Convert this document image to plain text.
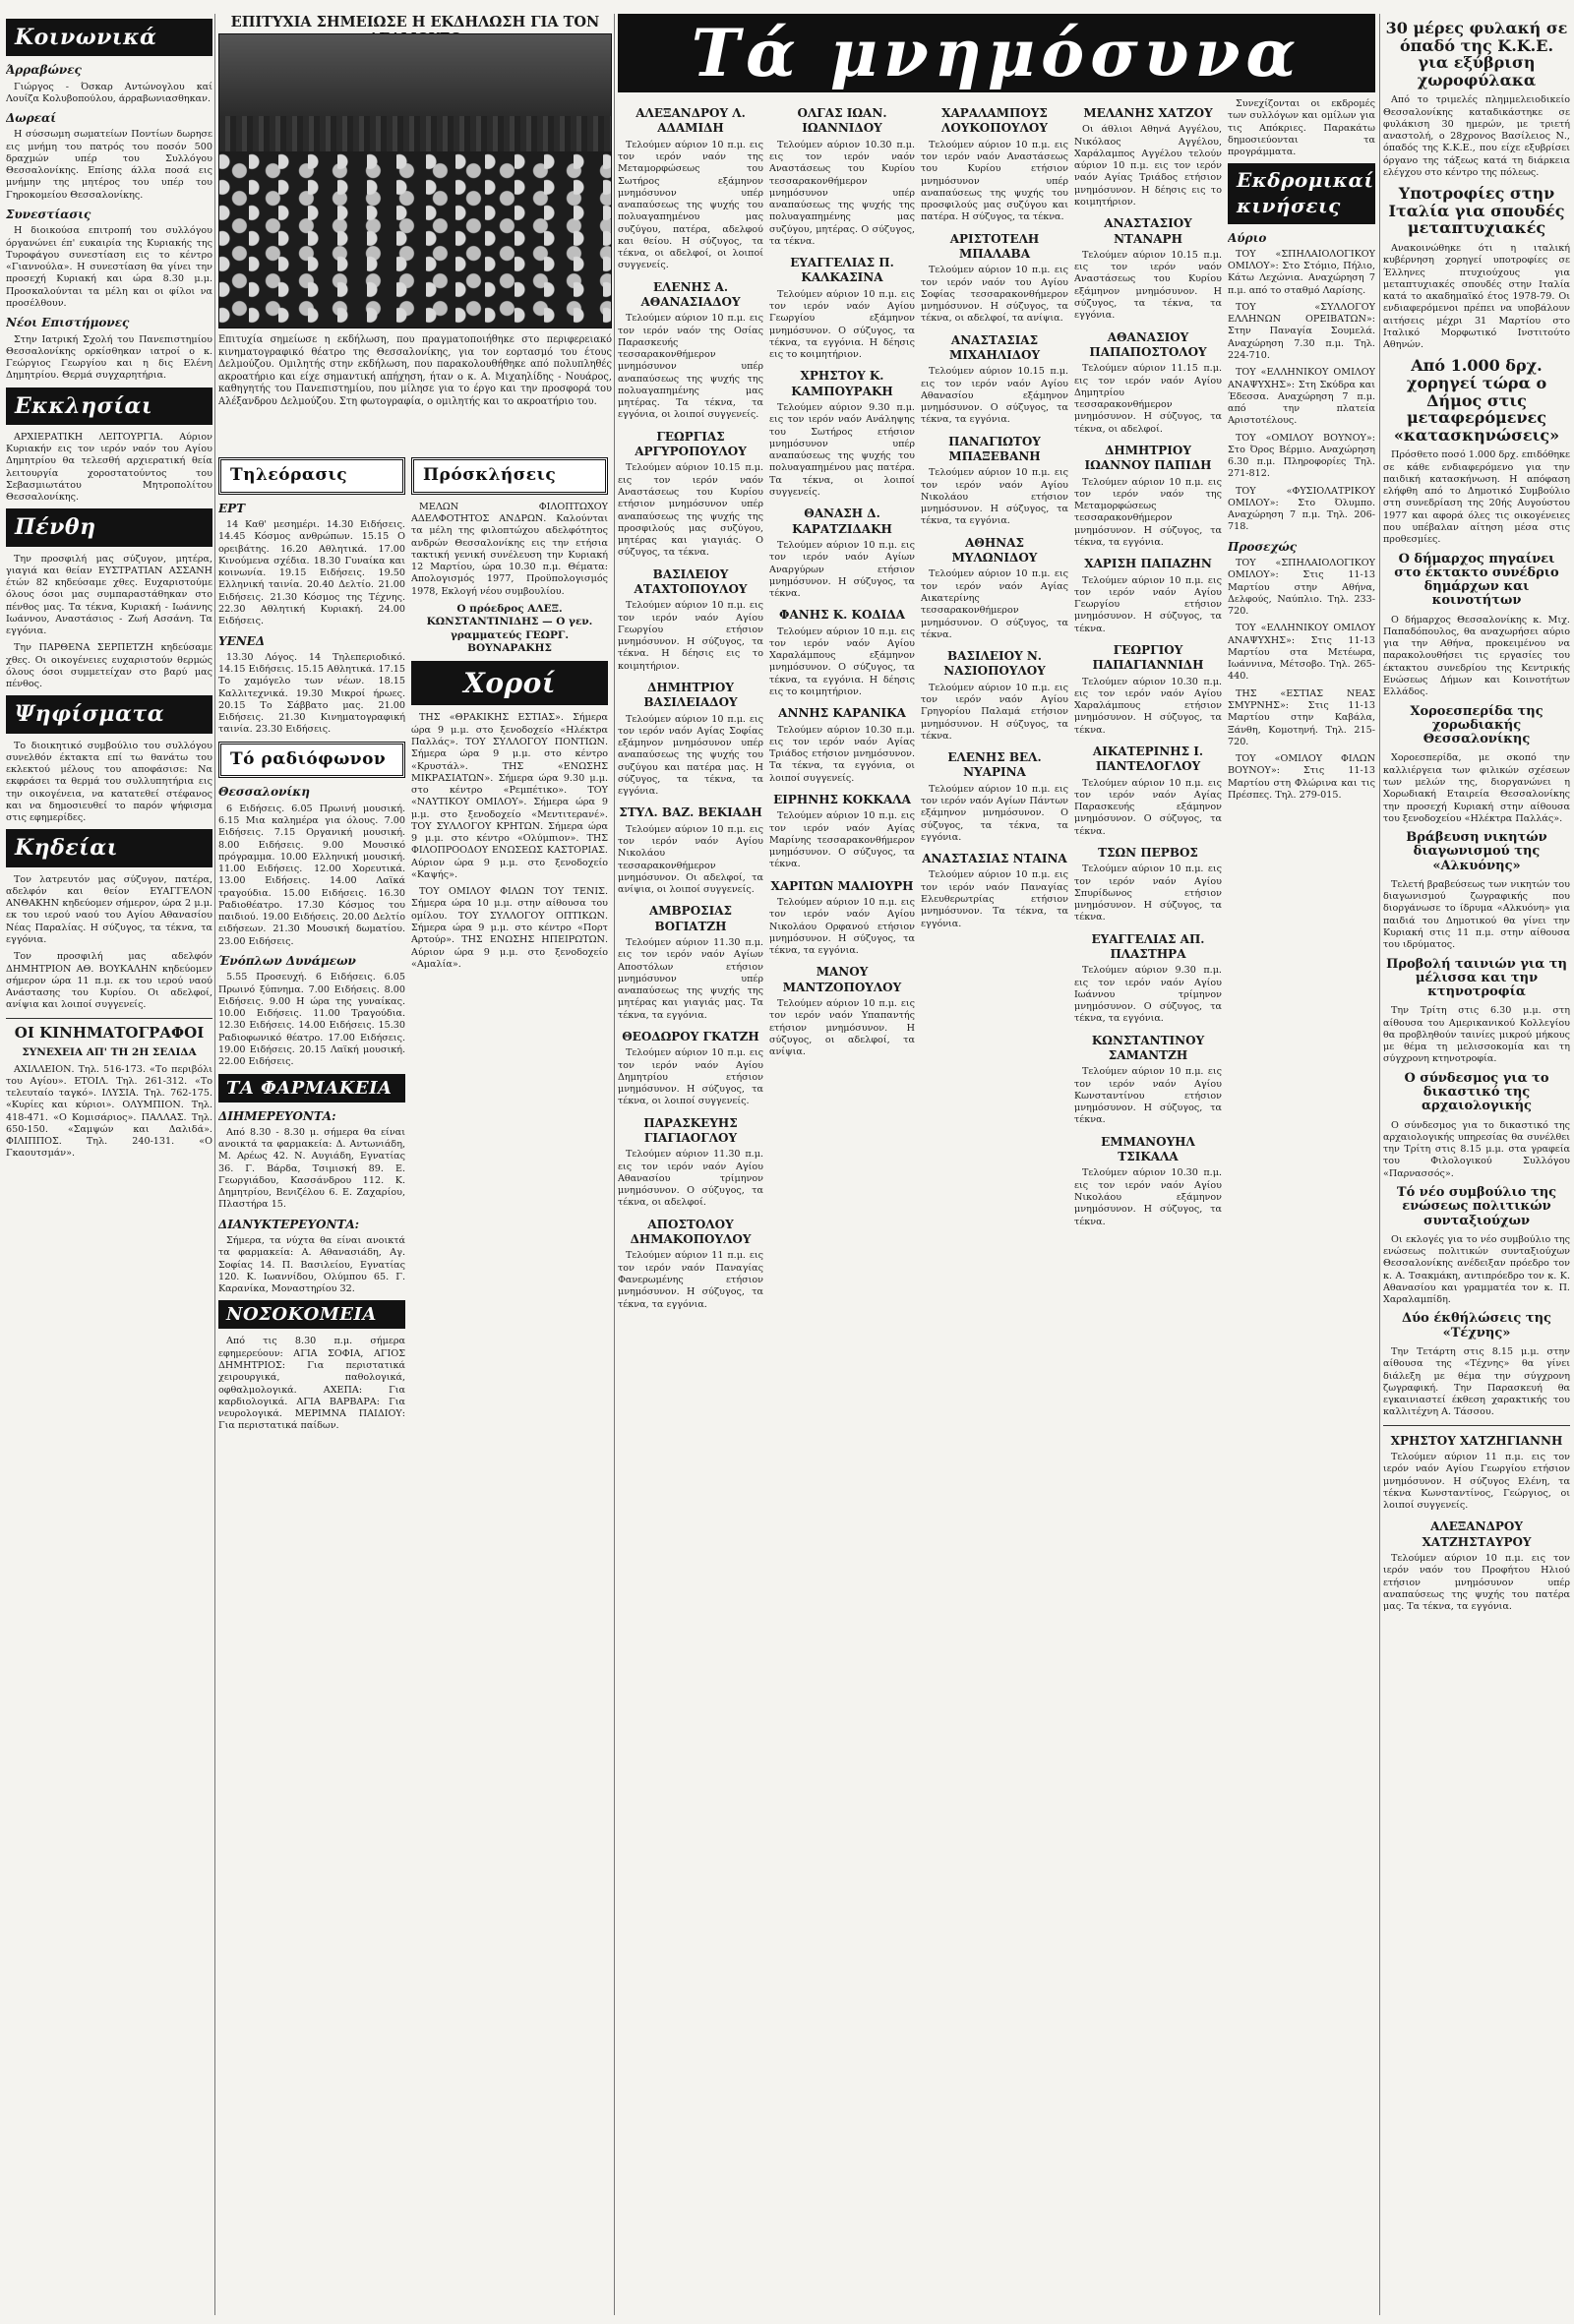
Κοινωνικά
Άρραβώνες

Γιώργος - Όσκαρ Αντώνογλου καί Λουίζα Κολυβοπούλου, άρραβωνιασθηκαν.

Δωρεαί

Η σύσσωμη σωματείων Ποντίων δωρησε εις μνήμη του πατρός του ποσόν 500 δραχμών υπέρ του Συλλόγου Θεσσαλονίκης. Επίσης άλλα ποσά εις μνήμην της μητέρος του υπέρ του Γηροκομείου Θεσσαλονίκης.

Συνεστίασις

Η διοικούσα επιτροπή του συλλόγου όργανώνει έπ' ευκαιρία της Κυριακής της Τυροφάγου συνεστίαση εις το κέντρο «Γιαννούλα». Η συνεστίαση θα γίνει την προσεχή Κυριακή και ώρα 8.30 μ.μ. Προσκαλούνται τα μέλη και οι φίλοι να προσέλθουν.

Νέοι Επιστήμονες

Στην Ιατρική Σχολή του Πανεπιστημίου Θεσσαλονίκης ορκίσθηκαν ιατροί ο κ. Γεώργιος Γεωργίου και η δις Ελένη Δημητρίου. Θερμά συγχαρητήρια.

Εκκλησίαι

ΑΡΧΙΕΡΑΤΙΚΗ ΛΕΙΤΟΥΡΓΙΑ. Αύριον Κυριακήν εις τον ιερόν ναόν του Αγίου Δημητρίου θα τελεσθή αρχιερατική θεία λειτουργία χοροστατούντος του Σεβασμιωτάτου Μητροπολίτου Θεσσαλονίκης.

Πένθη

Την προσφιλή μας σύζυγον, μητέρα, γιαγιά και θείαν ΕΥΣΤΡΑΤΙΑΝ ΑΣΣΑΝΗ έτών 82 κηδεύσαμε χθες. Ευχαριστούμε όλους όσοι μας συμπαραστάθηκαν στο πένθος μας. Τα τέκνα, Κυριακή - Ιωάννης Ιωάννου, Αναστάσιος - Ζωή Ασσάνη. Τα εγγόνια.

Την ΠΑΡΘΕΝΑ ΣΕΡΠΕΤΖΗ κηδεύσαμε χθες. Οι οικογένειες ευχαριστούν θερμώς όλους όσοι συμμετείχαν στο βαρύ μας πένθος.

Ψηφίσματα

Το διοικητικό συμβούλιο του συλλόγου συνελθόν έκτακτα επί τω θανάτω του εκλεκτού μέλους του αποφάσισε: Να εκφράσει τα θερμά του συλλυπητήρια εις την οικογένεια, να κατατεθεί στέφανος και να δημοσιευθεί το παρόν ψήφισμα στις εφημερίδες.

Κηδείαι

Τον λατρευτόν μας σύζυγον, πατέρα, αδελφόν και θείον ΕΥΑΓΓΕΛΟΝ ΑΝΘΑΚΗΝ κηδεύομεν σήμερον, ώρα 2 μ.μ. εκ του ιερού ναού του Αγίου Αθανασίου Νέας Παραλίας. Η σύζυγος, τα τέκνα, τα εγγόνια.

Τον προσφιλή μας αδελφόν ΔΗΜΗΤΡΙΟΝ ΑΘ. ΒΟΥΚΑΛΗΝ κηδεύομεν σήμερον ώρα 11 π.μ. εκ του ιερού ναού Ανάστασης του Κυρίου. Οι αδελφοί, ανίψια και λοιποί συγγενείς.

ΟΙ ΚΙΝΗΜΑΤΟΓΡΑΦΟΙ
ΣΥΝΕΧΕΙΑ ΑΠ' ΤΗ 2Η ΣΕΛΙΔΑ

ΑΧΙΛΛΕΙΟΝ. Τηλ. 516-173. «Το περιβόλι του Αγίου». ΕΤΟΙΛ. Τηλ. 261-312. «Το τελευταίο ταγκό». ΙΛΥΣΙΑ. Τηλ. 762-175. «Κυρίες και κύριοι». ΟΛΥΜΠΙΟΝ. Τηλ. 418-471. «Ο Κομισάριος». ΠΑΛΛΑΣ. Τηλ. 650-150. «Σαμψών και Δαλιδά». ΦΙΛΙΠΠΟΣ. Τηλ. 240-131. «Ο Γκαουτσμάν».

ΕΠΙΤΥΧΙΑ ΣΗΜΕΙΩΣΕ Η ΕΚΔΗΛΩΣΗ ΓΙΑ ΤΟΝ
Επιτυχία σημείωσε η εκδήλωση, που πραγματοποιήθηκε στο περιφερειακό κινηματογραφικό θέατρο της Θεσσαλονίκης, για τον εορτασμό του έτους Δελμούζου. Ομιλητής στην εκδήλωση, που παρακολουθήθηκε από πολυπληθές ακροατήριο και είχε σημαντική απήχηση, ήταν ο κ. Α. Μιχαηλίδης - Νουάρος, καθηγητής του Πανεπιστημίου, που μίλησε για το έργο και την προσφορά του Αλέξανδρου Δελμούζου. Στη φωτογραφία, ο ομιλητής και το ακροατήριο του.
Τηλεόρασις
ΕΡΤ

14 Καθ' μεσημέρι. 14.30 Ειδήσεις. 14.45 Κόσμος ανθρώπων. 15.15 Ο ορειβάτης. 16.20 Αθλητικά. 17.00 Κινούμενα σχέδια. 18.30 Γυναίκα και κοινωνία. 19.15 Ειδήσεις. 19.50 Ελληνική ταινία. 20.40 Δελτίο. 21.00 Ειδήσεις. 21.30 Κόσμος της Τέχνης. 22.30 Αθλητική Κυριακή. 24.00 Ειδήσεις.

ΥΕΝΕΔ

13.30 Λόγος. 14 Τηλεπεριοδικό. 14.15 Ειδήσεις. 15.15 Αθλητικά. 17.15 Το χαμόγελο των νέων. 18.15 Καλλιτεχνικά. 19.30 Μικροί ήρωες. 20.15 Το Σάββατο μας. 21.00 Ειδήσεις. 21.30 Κινηματογραφική ταινία. 23.30 Ειδήσεις.

Τό ραδιόφωνον
Θεσσαλονίκη

6 Ειδήσεις. 6.05 Πρωινή μουσική. 6.15 Μια καλημέρα για όλους. 7.00 Ειδήσεις. 7.15 Οργανική μουσική. 8.00 Ειδήσεις. 9.00 Μουσικό πρόγραμμα. 10.00 Ελληνική μουσική. 11.00 Ειδήσεις. 12.00 Χορευτικά. 13.00 Ειδήσεις. 14.00 Λαϊκά τραγούδια. 15.00 Ειδήσεις. 16.30 Ραδιοθέατρο. 17.30 Κόσμος του παιδιού. 19.00 Ειδήσεις. 20.00 Δελτίο ειδήσεων. 21.30 Μουσική δωματίου. 23.00 Ειδήσεις.

Ένόπλων Δυνάμεων

5.55 Προσευχή. 6 Ειδήσεις. 6.05 Πρωινό ξύπνημα. 7.00 Ειδήσεις. 8.00 Ειδήσεις. 9.00 Η ώρα της γυναίκας. 10.00 Ειδήσεις. 11.00 Τραγούδια. 12.30 Ειδήσεις. 14.00 Ειδήσεις. 15.30 Ραδιοφωνικό θέατρο. 17.00 Ειδήσεις. 19.00 Ειδήσεις. 20.15 Λαϊκή μουσική. 22.00 Ειδήσεις.

ΤΑ ΦΑΡΜΑΚΕΙΑ
ΔΙΗΜΕΡΕΥΟΝΤΑ:

Από 8.30 - 8.30 μ. σήμερα θα είναι ανοικτά τα φαρμακεία: Δ. Αντωνιάδη, Μ. Αρέως 42. Ν. Αυγιάδη, Εγνατίας 36. Γ. Βάρδα, Τσιμισκή 89. Ε. Γεωργιάδου, Κασσάνδρου 112. Κ. Δημητρίου, Βενιζέλου 6. Ε. Ζαχαρίου, Πλαστήρα 15.

ΔΙΑΝΥΚΤΕΡΕΥΟΝΤΑ:

Σήμερα, τα νύχτα θα είναι ανοικτά τα φαρμακεία: Α. Αθανασιάδη, Αγ. Σοφίας 14. Π. Βασιλείου, Εγνατίας 120. Κ. Ιωαννίδου, Ολύμπου 65. Γ. Καρανίκα, Μοναστηρίου 32.

ΝΟΣΟΚΟΜΕΙΑ

Από τις 8.30 π.μ. σήμερα εφημερεύουν: ΑΓΙΑ ΣΟΦΙΑ, ΑΓΙΟΣ ΔΗΜΗΤΡΙΟΣ: Για περιστατικά χειρουργικά, παθολογικά, οφθαλμολογικά. ΑΧΕΠΑ: Για καρδιολογικά. ΑΓΙΑ ΒΑΡΒΑΡΑ: Για νευρολογικά. ΜΕΡΙΜΝΑ ΠΑΙΔΙΟΥ: Για περιστατικά παίδων.

Πρόσκλήσεις

ΜΕΛΩΝ ΦΙΛΟΠΤΩΧΟΥ ΑΔΕΛΦΟΤΗΤΟΣ ΑΝΔΡΩΝ. Καλούνται τα μέλη της φιλοπτώχου αδελφότητος ανδρών Θεσσαλονίκης εις την ετήσια τακτική γενική συνέλευση την Κυριακή 12 Μαρτίου, ώρα 10.30 π.μ. Θέματα: Απολογισμός 1977, Προϋπολογισμός 1978, Εκλογή νέου συμβουλίου.

Ο πρόεδρος ΑΛΕΞ. ΚΩΝΣΤΑΝΤΙΝΙΔΗΣ — Ο γεν. γραμματεύς ΓΕΩΡΓ. ΒΟΥΝΑΡΑΚΗΣ
Χοροί

ΤΗΣ «ΘΡΑΚΙΚΗΣ ΕΣΤΙΑΣ». Σήμερα ώρα 9 μ.μ. στο ξενοδοχείο «Ηλέκτρα Παλλάς». ΤΟΥ ΣΥΛΛΟΓΟΥ ΠΟΝΤΙΩΝ. Σήμερα ώρα 9 μ.μ. στο κέντρο «Κρυστάλ». ΤΗΣ «ΕΝΩΣΗΣ ΜΙΚΡΑΣΙΑΤΩΝ». Σήμερα ώρα 9.30 μ.μ. στο κέντρο «Ρεμπέτικο». ΤΟΥ «ΝΑΥΤΙΚΟΥ ΟΜΙΛΟΥ». Σήμερα ώρα 9 μ.μ. στο ξενοδοχείο «Μεντιτερανέ». ΤΟΥ ΣΥΛΛΟΓΟΥ ΚΡΗΤΩΝ. Σήμερα ώρα 9 μ.μ. στο κέντρο «Ολύμπιον». ΤΗΣ ΦΙΛΟΠΡΟΟΔΟΥ ΕΝΩΣΕΩΣ ΚΑΣΤΟΡΙΑΣ. Αύριον ώρα 9 μ.μ. στο ξενοδοχείο «Καψής».

ΤΟΥ ΟΜΙΛΟΥ ΦΙΛΩΝ ΤΟΥ ΤΕΝΙΣ. Σήμερα ώρα 10 μ.μ. στην αίθουσα του ομίλου. ΤΟΥ ΣΥΛΛΟΓΟΥ ΟΠΤΙΚΩΝ. Σήμερα ώρα 9 μ.μ. στο κέντρο «Πορτ Αρτούρ». ΤΗΣ ΕΝΩΣΗΣ ΗΠΕΙΡΩΤΩΝ. Αύριον ώρα 9 μ.μ. στο ξενοδοχείο «Αμαλία».

Τά μνημόσυνα
ΑΛΕΞΑΝΔΡΟΥ Λ. ΑΔΑΜΙΔΗ

Τελούμεν αύριον 10 π.μ. εις τον ιερόν ναόν της Μεταμορφώσεως του Σωτήρος εξάμηνον μνημόσυνον υπέρ αναπαύσεως της ψυχής του πολυαγαπημένου μας συζύγου, πατέρα, αδελφού και θείου. Η σύζυγος, τα τέκνα, οι αδελφοί, οι λοιποί συγγενείς.

ΕΛΕΝΗΣ Α. ΑΘΑΝΑΣΙΑΔΟΥ

Τελούμεν αύριον 10 π.μ. εις τον ιερόν ναόν της Οσίας Παρασκευής τεσσαρακονθήμερον μνημόσυνον υπέρ αναπαύσεως της ψυχής της πολυαγαπημένης μας μητέρας. Τα τέκνα, τα εγγόνια, οι λοιποί συγγενείς.

ΓΕΩΡΓΙΑΣ ΑΡΓΥΡΟΠΟΥΛΟΥ

Τελούμεν αύριον 10.15 π.μ. εις τον ιερόν ναόν Αναστάσεως του Κυρίου ετήσιον μνημόσυνον υπέρ αναπαύσεως της ψυχής της προσφιλούς μας συζύγου, μητέρας και γιαγιάς. Ο σύζυγος, τα τέκνα.

ΒΑΣΙΛΕΙΟΥ ΑΤΑΧΤΟΠΟΥΛΟΥ

Τελούμεν αύριον 10 π.μ. εις τον ιερόν ναόν Αγίου Γεωργίου ετήσιον μνημόσυνον. Η σύζυγος, τα τέκνα. Η δέησις εις το κοιμητήριον.

ΔΗΜΗΤΡΙΟΥ ΒΑΣΙΛΕΙΑΔΟΥ

Τελούμεν αύριον 10 π.μ. εις τον ιερόν ναόν Αγίας Σοφίας εξάμηνον μνημόσυνον υπέρ αναπαύσεως της ψυχής του συζύγου και πατέρα μας. Η σύζυγος, τα τέκνα, τα εγγόνια.

ΣΤΥΛ. ΒΑΖ. ΒΕΚΙΑΔΗ

Τελούμεν αύριον 10 π.μ. εις τον ιερόν ναόν Αγίου Νικολάου τεσσαρακονθήμερον μνημόσυνον. Οι αδελφοί, τα ανίψια, οι λοιποί συγγενείς.

ΑΜΒΡΟΣΙΑΣ ΒΟΓΙΑΤΖΗ

Τελούμεν αύριον 11.30 π.μ. εις τον ιερόν ναόν Αγίων Αποστόλων ετήσιον μνημόσυνον υπέρ αναπαύσεως της ψυχής της μητέρας και γιαγιάς μας. Τα τέκνα, τα εγγόνια.

ΘΕΟΔΩΡΟΥ ΓΚΑΤΖΗ

Τελούμεν αύριον 10 π.μ. εις τον ιερόν ναόν Αγίου Δημητρίου ετήσιον μνημόσυνον. Η σύζυγος, τα τέκνα, οι λοιποί συγγενείς.

ΠΑΡΑΣΚΕΥΗΣ ΓΙΑΓΙΑΟΓΛΟΥ

Τελούμεν αύριον 11.30 π.μ. εις τον ιερόν ναόν Αγίου Αθανασίου τρίμηνον μνημόσυνον. Ο σύζυγος, τα τέκνα, οι αδελφοί.

ΑΠΟΣΤΟΛΟΥ ΔΗΜΑΚΟΠΟΥΛΟΥ

Τελούμεν αύριον 11 π.μ. εις τον ιερόν ναόν Παναγίας Φανερωμένης ετήσιον μνημόσυνον. Η σύζυγος, τα τέκνα, τα εγγόνια.

ΟΛΓΑΣ ΙΩΑΝ. ΙΩΑΝΝΙΔΟΥ

Τελούμεν αύριον 10.30 π.μ. εις τον ιερόν ναόν Αναστάσεως του Κυρίου τεσσαρακονθήμερον μνημόσυνον υπέρ αναπαύσεως της ψυχής της πολυαγαπημένης μας συζύγου, μητέρας. Ο σύζυγος, τα τέκνα.

ΕΥΑΓΓΕΛΙΑΣ Π. ΚΑΛΚΑΣΙΝΑ

Τελούμεν αύριον 10 π.μ. εις τον ιερόν ναόν Αγίου Γεωργίου εξάμηνον μνημόσυνον. Ο σύζυγος, τα τέκνα, τα εγγόνια. Η δέησις εις το κοιμητήριον.

ΧΡΗΣΤΟΥ Κ. ΚΑΜΠΟΥΡΑΚΗ

Τελούμεν αύριον 9.30 π.μ. εις τον ιερόν ναόν Ανάληψης του Σωτήρος ετήσιον μνημόσυνον υπέρ αναπαύσεως της ψυχής του πολυαγαπημένου μας πατέρα. Τα τέκνα, οι λοιποί συγγενείς.

ΘΑΝΑΣΗ Δ. ΚΑΡΑΤΖΙΔΑΚΗ

Τελούμεν αύριον 10 π.μ. εις τον ιερόν ναόν Αγίων Αναργύρων ετήσιον μνημόσυνον. Η σύζυγος, τα τέκνα.

ΦΑΝΗΣ Κ. ΚΟΔΙΔΑ

Τελούμεν αύριον 10 π.μ. εις τον ιερόν ναόν Αγίου Χαραλάμπους εξάμηνον μνημόσυνον. Ο σύζυγος, τα τέκνα, τα εγγόνια. Η δέησις εις το κοιμητήριον.

ΑΝΝΗΣ ΚΑΡΑΝΙΚΑ

Τελούμεν αύριον 10.30 π.μ. εις τον ιερόν ναόν Αγίας Τριάδος ετήσιον μνημόσυνον. Τα τέκνα, τα εγγόνια, οι λοιποί συγγενείς.

ΕΙΡΗΝΗΣ ΚΟΚΚΑΛΑ

Τελούμεν αύριον 10 π.μ. εις τον ιερόν ναόν Αγίας Μαρίνης τεσσαρακονθήμερον μνημόσυνον. Ο σύζυγος, τα τέκνα.

ΧΑΡΙΤΩΝ ΜΑΛΙΟΥΡΗ

Τελούμεν αύριον 10 π.μ. εις τον ιερόν ναόν Αγίου Νικολάου Ορφανού ετήσιον μνημόσυνον. Η σύζυγος, τα τέκνα, τα εγγόνια.

ΜΑΝΟΥ ΜΑΝΤΖΟΠΟΥΛΟΥ

Τελούμεν αύριον 10 π.μ. εις τον ιερόν ναόν Υπαπαντής ετήσιον μνημόσυνον. Η σύζυγος, οι αδελφοί, τα ανίψια.

ΧΑΡΑΛΑΜΠΟΥΣ ΛΟΥΚΟΠΟΥΛΟΥ

Τελούμεν αύριον 10 π.μ. εις τον ιερόν ναόν Αναστάσεως του Κυρίου ετήσιον μνημόσυνον υπέρ αναπαύσεως της ψυχής του προσφιλούς μας συζύγου και πατέρα. Η σύζυγος, τα τέκνα.

ΑΡΙΣΤΟΤΕΛΗ ΜΠΑΛΑΒΑ

Τελούμεν αύριον 10 π.μ. εις τον ιερόν ναόν του Αγίου Σοφίας τεσσαρακονθήμερον μνημόσυνον. Η σύζυγος, τα τέκνα, οι αδελφοί, τα ανίψια.

ΑΝΑΣΤΑΣΙΑΣ ΜΙΧΑΗΛΙΔΟΥ

Τελούμεν αύριον 10.15 π.μ. εις τον ιερόν ναόν Αγίου Αθανασίου εξάμηνον μνημόσυνον. Ο σύζυγος, τα τέκνα, τα εγγόνια.

ΠΑΝΑΓΙΩΤΟΥ ΜΠΑΞΕΒΑΝΗ

Τελούμεν αύριον 10 π.μ. εις τον ιερόν ναόν Αγίου Νικολάου ετήσιον μνημόσυνον. Η σύζυγος, τα τέκνα, τα εγγόνια.

ΑΘΗΝΑΣ ΜΥΛΩΝΙΔΟΥ

Τελούμεν αύριον 10 π.μ. εις τον ιερόν ναόν Αγίας Αικατερίνης τεσσαρακονθήμερον μνημόσυνον. Ο σύζυγος, τα τέκνα.

ΒΑΣΙΛΕΙΟΥ Ν. ΝΑΣΙΟΠΟΥΛΟΥ

Τελούμεν αύριον 10 π.μ. εις τον ιερόν ναόν Αγίου Γρηγορίου Παλαμά ετήσιον μνημόσυνον. Η σύζυγος, τα τέκνα.

ΕΛΕΝΗΣ ΒΕΛ. ΝΥΑΡΙΝΑ

Τελούμεν αύριον 10 π.μ. εις τον ιερόν ναόν Αγίων Πάντων εξάμηνον μνημόσυνον. Ο σύζυγος, τα τέκνα, τα εγγόνια.

ΑΝΑΣΤΑΣΙΑΣ ΝΤΑΙΝΑ

Τελούμεν αύριον 10 π.μ. εις τον ιερόν ναόν Παναγίας Ελευθερωτρίας ετήσιον μνημόσυνον. Τα τέκνα, τα εγγόνια.

ΜΕΛΑΝΗΣ ΧΑΤΖΟΥ

Οι άθλιοι Αθηνά Αγγέλου, Νικόλαος Αγγέλου, Χαράλαμπος Αγγέλου τελούν αύριον 10 π.μ. εις τον ιερόν ναόν Αγίας Τριάδος ετήσιον μνημόσυνον. Η δέησις εις το κοιμητήριον.

ΑΝΑΣΤΑΣΙΟΥ ΝΤΑΝΑΡΗ

Τελούμεν αύριον 10.15 π.μ. εις τον ιερόν ναόν Αναστάσεως του Κυρίου εξάμηνον μνημόσυνον. Η σύζυγος, τα τέκνα, τα εγγόνια.

ΑΘΑΝΑΣΙΟΥ ΠΑΠΑΠΟΣΤΟΛΟΥ

Τελούμεν αύριον 11.15 π.μ. εις τον ιερόν ναόν Αγίου Δημητρίου τεσσαρακονθήμερον μνημόσυνον. Η σύζυγος, τα τέκνα, οι αδελφοί.

ΔΗΜΗΤΡΙΟΥ ΙΩΑΝΝΟΥ ΠΑΠΙΔΗ

Τελούμεν αύριον 10 π.μ. εις τον ιερόν ναόν της Μεταμορφώσεως τεσσαρακονθήμερον μνημόσυνον. Η σύζυγος, τα τέκνα, τα εγγόνια.

ΧΑΡΙΣΗ ΠΑΠΑΖΗΝ

Τελούμεν αύριον 10 π.μ. εις τον ιερόν ναόν Αγίου Γεωργίου ετήσιον μνημόσυνον. Η σύζυγος, τα τέκνα.

ΓΕΩΡΓΙΟΥ ΠΑΠΑΓΙΑΝΝΙΔΗ

Τελούμεν αύριον 10.30 π.μ. εις τον ιερόν ναόν Αγίου Χαραλάμπους ετήσιον μνημόσυνον. Η σύζυγος, τα τέκνα.

ΑΙΚΑΤΕΡΙΝΗΣ Ι. ΠΑΝΤΕΛΟΓΛΟΥ

Τελούμεν αύριον 10 π.μ. εις τον ιερόν ναόν Αγίας Παρασκευής εξάμηνον μνημόσυνον. Ο σύζυγος, τα τέκνα.

ΤΣΩΝ ΠΕΡΒΟΣ

Τελούμεν αύριον 10 π.μ. εις τον ιερόν ναόν Αγίου Σπυρίδωνος ετήσιον μνημόσυνον. Η σύζυγος, τα τέκνα.

ΕΥΑΓΓΕΛΙΑΣ ΑΠ. ΠΛΑΣΤΗΡΑ

Τελούμεν αύριον 9.30 π.μ. εις τον ιερόν ναόν Αγίου Ιωάννου τρίμηνον μνημόσυνον. Ο σύζυγος, τα τέκνα, τα εγγόνια.

ΚΩΝΣΤΑΝΤΙΝΟΥ ΣΑΜΑΝΤΖΗ

Τελούμεν αύριον 10 π.μ. εις τον ιερόν ναόν Αγίου Κωνσταντίνου ετήσιον μνημόσυνον. Η σύζυγος, τα τέκνα.

ΕΜΜΑΝΟΥΗΛ ΤΣΙΚΑΛΑ

Τελούμεν αύριον 10.30 π.μ. εις τον ιερόν ναόν Αγίου Νικολάου εξάμηνον μνημόσυνον. Η σύζυγος, τα τέκνα.

Συνεχίζονται οι εκδρομές των συλλόγων και ομίλων για τις Απόκριες. Παρακάτω δημοσιεύονται τα προγράμματα.

Εκδρομικαί κινήσεις
Αύριο

ΤΟΥ «ΣΠΗΛΑΙΟΛΟΓΙΚΟΥ ΟΜΙΛΟΥ»: Στο Στόμιο, Πήλιο, Κάτω Λεχώνια. Αναχώρηση 7 π.μ. από το σταθμό Λαρίσης.

ΤΟΥ «ΣΥΛΛΟΓΟΥ ΕΛΛΗΝΩΝ ΟΡΕΙΒΑΤΩΝ»: Στην Παναγία Σουμελά. Αναχώρηση 7.30 π.μ. Τηλ. 224-710.

ΤΟΥ «ΕΛΛΗΝΙΚΟΥ ΟΜΙΛΟΥ ΑΝΑΨΥΧΗΣ»: Στη Σκύδρα και Έδεσσα. Αναχώρηση 7 π.μ. από την πλατεία Αριστοτέλους.

ΤΟΥ «ΟΜΙΛΟΥ ΒΟΥΝΟΥ»: Στο Όρος Βέρμιο. Αναχώρηση 6.30 π.μ. Πληροφορίες Τηλ. 271-812.

ΤΟΥ «ΦΥΣΙΟΛΑΤΡΙΚΟΥ ΟΜΙΛΟΥ»: Στο Όλυμπο. Αναχώρηση 7 π.μ. Τηλ. 206-718.

Προσεχώς

ΤΟΥ «ΣΠΗΛΑΙΟΛΟΓΙΚΟΥ ΟΜΙΛΟΥ»: Στις 11-13 Μαρτίου στην Αθήνα, Δελφούς, Ναύπλιο. Τηλ. 233-720.

ΤΟΥ «ΕΛΛΗΝΙΚΟΥ ΟΜΙΛΟΥ ΑΝΑΨΥΧΗΣ»: Στις 11-13 Μαρτίου στα Μετέωρα, Ιωάννινα, Μέτσοβο. Τηλ. 265-440.

ΤΗΣ «ΕΣΤΙΑΣ ΝΕΑΣ ΣΜΥΡΝΗΣ»: Στις 11-13 Μαρτίου στην Καβάλα, Ξάνθη, Κομοτηνή. Τηλ. 215-720.

ΤΟΥ «ΟΜΙΛΟΥ ΦΙΛΩΝ ΒΟΥΝΟΥ»: Στις 11-13 Μαρτίου στη Φλώρινα και τις Πρέσπες. Τηλ. 279-015.

30 μέρες φυλακή σε όπαδό της Κ.Κ.Ε. για εξύβριση χωροφύλακα

Από το τριμελές πλημμελειοδικείο Θεσσαλονίκης καταδικάστηκε σε φυλάκιση 30 ημερών, με τριετή αναστολή, ο 28χρονος Βασίλειος Ν., όπαδός της Κ.Κ.Ε., που είχε εξυβρίσει όργανο της τάξεως κατά τη διάρκεια ελέγχου στο κέντρο της πόλεως.

Υποτροφίες στην Ιταλία για σπουδές μεταπτυχιακές

Ανακοινώθηκε ότι η ιταλική κυβέρνηση χορηγεί υποτροφίες σε Έλληνες πτυχιούχους για μεταπτυχιακές σπουδές στην Ιταλία κατά το ακαδημαϊκό έτος 1978-79. Οι ενδιαφερόμενοι πρέπει να υποβάλουν αιτήσεις μέχρι 31 Μαρτίου στο Ιταλικό Μορφωτικό Ινστιτούτο Αθηνών.

Από 1.000 δρχ. χορηγεί τώρα ο Δήμος στις μεταφερόμενες «κατασκηνώσεις»

Πρόσθετο ποσό 1.000 δρχ. επιδόθηκε σε κάθε ενδιαφερόμενο για την παιδική κατασκήνωση. Η απόφαση ελήφθη από το Δημοτικό Συμβούλιο στη συνεδρίαση της 20ής Αυγούστου 1977 και αφορά όλες τις οικογένειες που υπέβαλαν αίτηση μέσα στις προθεσμίες.

Ο δήμαρχος πηγαίνει στο έκτακτο συνέδριο δημάρχων και κοινοτήτων

Ο δήμαρχος Θεσσαλονίκης κ. Μιχ. Παπαδόπουλος, θα αναχωρήσει αύριο για την Αθήνα, προκειμένου να παρακολουθήσει τις εργασίες του έκτακτου συνεδρίου της Κεντρικής Ενώσεως Δήμων και Κοινοτήτων Ελλάδος.

Χοροεσπερίδα της χορωδιακής Θεσσαλονίκης

Χοροεσπερίδα, με σκοπό την καλλιέργεια των φιλικών σχέσεων των μελών της, διοργανώνει η Χορωδιακή Εταιρεία Θεσσαλονίκης την προσεχή Κυριακή στην αίθουσα του ξενοδοχείου «Ηλέκτρα Παλλάς».

Βράβευση νικητών διαγωνισμού της «Αλκυόνης»

Τελετή βραβεύσεως των νικητών του διαγωνισμού ζωγραφικής που διοργάνωσε το ίδρυμα «Αλκυόνη» για παιδιά του Δημοτικού θα γίνει την Κυριακή στις 11 π.μ. στην αίθουσα του ιδρύματος.

Προβολή ταινιών για τη μέλισσα και την κτηνοτροφία

Την Τρίτη στις 6.30 μ.μ. στη αίθουσα του Αμερικανικού Κολλεγίου θα προβληθούν ταινίες μικρού μήκους με θέμα τη μελισσοκομία και τη σύγχρονη κτηνοτροφία.

Ο σύνδεσμος για το δικαστικό της αρχαιολογικής

Ο σύνδεσμος για το δικαστικό της αρχαιολογικής υπηρεσίας θα συνέλθει την Τρίτη στις 8.15 μ.μ. στα γραφεία του Φιλολογικού Συλλόγου «Παρνασσός».

Τό νέο συμβούλιο της ενώσεως πολιτικών συνταξιούχων

Οι εκλογές για το νέο συμβούλιο της ενώσεως πολιτικών συνταξιούχων Θεσσαλονίκης ανέδειξαν πρόεδρο τον κ. Α. Τσακμάκη, αντιπρόεδρο τον κ. Κ. Αθανασίου και γραμματέα τον κ. Π. Χαραλαμπίδη.

Δύο έκθήλώσεις της «Τέχνης»

Την Τετάρτη στις 8.15 μ.μ. στην αίθουσα της «Τέχνης» θα γίνει διάλεξη με θέμα την σύγχρονη ζωγραφική. Την Παρασκευή θα εγκαινιαστεί έκθεση χαρακτικής του καλλιτέχνη Α. Τάσσου.

ΧΡΗΣΤΟΥ ΧΑΤΖΗΓΙΑΝΝΗ

Τελούμεν αύριον 11 π.μ. εις τον ιερόν ναόν Αγίου Γεωργίου ετήσιον μνημόσυνον. Η σύζυγος Ελένη, τα τέκνα Κωνσταντίνος, Γεώργιος, οι λοιποί συγγενείς.

ΑΛΕΞΑΝΔΡΟΥ ΧΑΤΖΗΣΤΑΥΡΟΥ

Τελούμεν αύριον 10 π.μ. εις τον ιερόν ναόν του Προφήτου Ηλιού ετήσιον μνημόσυνον υπέρ αναπαύσεως της ψυχής του πατέρα μας. Τα τέκνα, τα εγγόνια.
